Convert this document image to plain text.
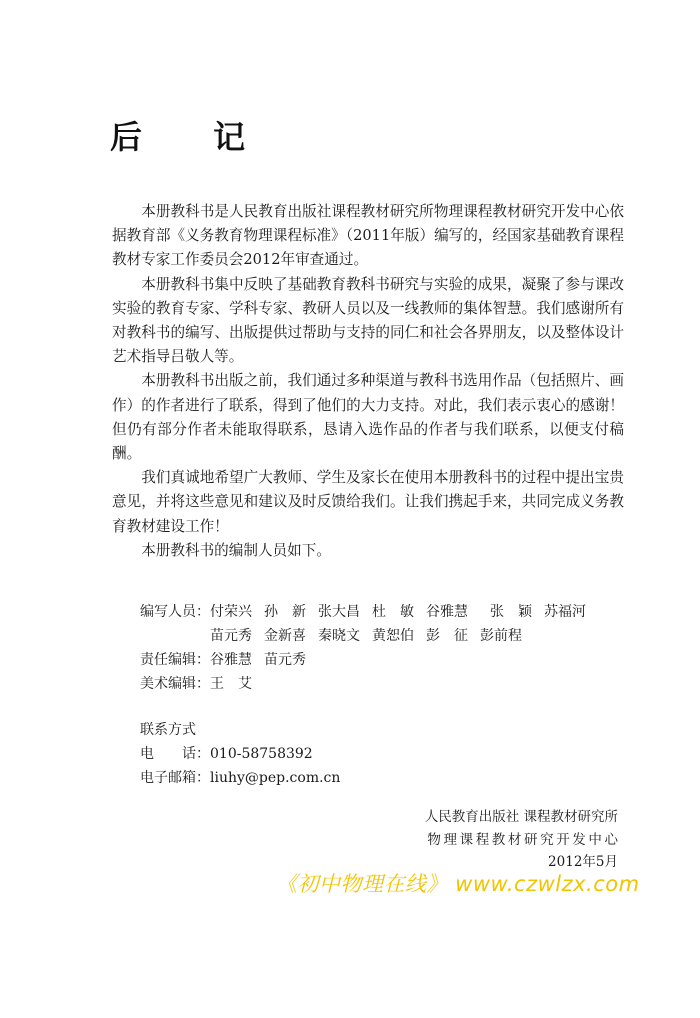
后 记

本册教科书是人民教育出版社课程教材研究所物理课程教材研究开发中心依据教育部《义务教育物理课程标准》（2011年版）编写的，经国家基础教育课程教材专家工作委员会2012年审查通过。

本册教科书集中反映了基础教育教科书研究与实验的成果，凝聚了参与课改实验的教育专家、学科专家、教研人员以及一线教师的集体智慧。我们感谢所有对教科书的编写、出版提供过帮助与支持的同仁和社会各界朋友，以及整体设计艺术指导吕敬人等。

本册教科书出版之前，我们通过多种渠道与教科书选用作品（包括照片、画作）的作者进行了联系，得到了他们的大力支持。对此，我们表示衷心的感谢！但仍有部分作者未能取得联系，恳请入选作品的作者与我们联系，以便支付稿酬。

我们真诚地希望广大教师、学生及家长在使用本册教科书的过程中提出宝贵意见，并将这些意见和建议及时反馈给我们。让我们携起手来，共同完成义务教育教材建设工作！

本册教科书的编制人员如下。

编写人员： 付荣兴 孙　新 张大昌 杜　敏 谷雅慧	张　颖 苏福河
苗元秀 金新喜 秦晓文 黄恕伯 彭　征 彭前程
责任编辑： 谷雅慧 苗元秀
美术编辑： 王　艾
联系方式
电 话：010-58758392
电子邮箱：liuhy@pep.com.cn
人民教育出版社 课程教材研究所
物理课程教材研究开发中心
2012年5月
《初中物理在线》 www.czwlzx.com
